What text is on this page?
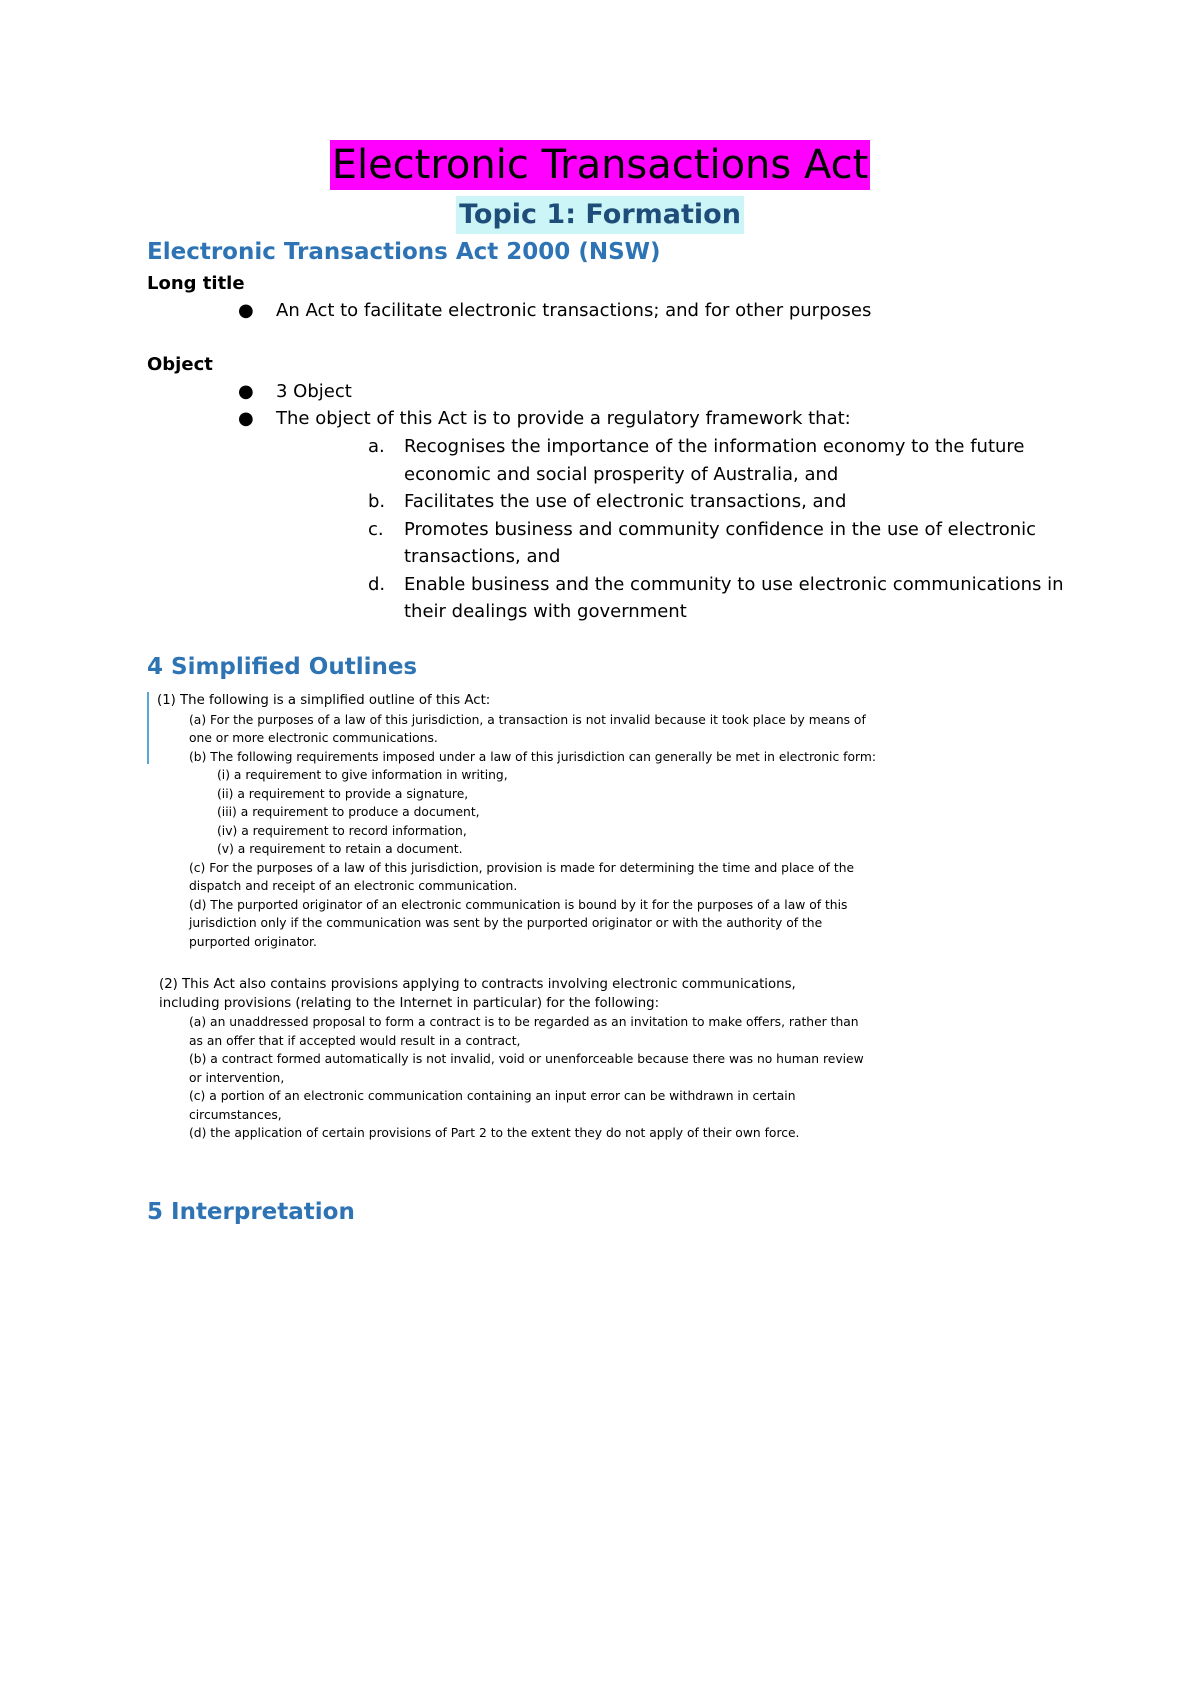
Electronic Transactions Act
Topic 1: Formation
Electronic Transactions Act 2000 (NSW)

Long title

● An Act to facilitate electronic transactions; and for other purposes

Object

● 3 Object
● The object of this Act is to provide a regulatory framework that:
a. Recognises the importance of the information economy to the future
economic and social prosperity of Australia, and
b. Facilitates the use of electronic transactions, and
c. Promotes business and community confidence in the use of electronic
transactions, and
d. Enable business and the community to use electronic communications in
their dealings with government
4 Simplified Outlines

(1) The following is a simplified outline of this Act:

(a) For the purposes of a law of this jurisdiction, a transaction is not invalid because it took place by means of

one or more electronic communications.

(b) The following requirements imposed under a law of this jurisdiction can generally be met in electronic form:

(i) a requirement to give information in writing,

(ii) a requirement to provide a signature,

(iii) a requirement to produce a document,

(iv) a requirement to record information,

(v) a requirement to retain a document.

(c) For the purposes of a law of this jurisdiction, provision is made for determining the time and place of the

dispatch and receipt of an electronic communication.

(d) The purported originator of an electronic communication is bound by it for the purposes of a law of this

jurisdiction only if the communication was sent by the purported originator or with the authority of the

purported originator.

(2) This Act also contains provisions applying to contracts involving electronic communications,

including provisions (relating to the Internet in particular) for the following:

(a) an unaddressed proposal to form a contract is to be regarded as an invitation to make offers, rather than

as an offer that if accepted would result in a contract,

(b) a contract formed automatically is not invalid, void or unenforceable because there was no human review

or intervention,

(c) a portion of an electronic communication containing an input error can be withdrawn in certain

circumstances,

(d) the application of certain provisions of Part 2 to the extent they do not apply of their own force.

5 Interpretation
